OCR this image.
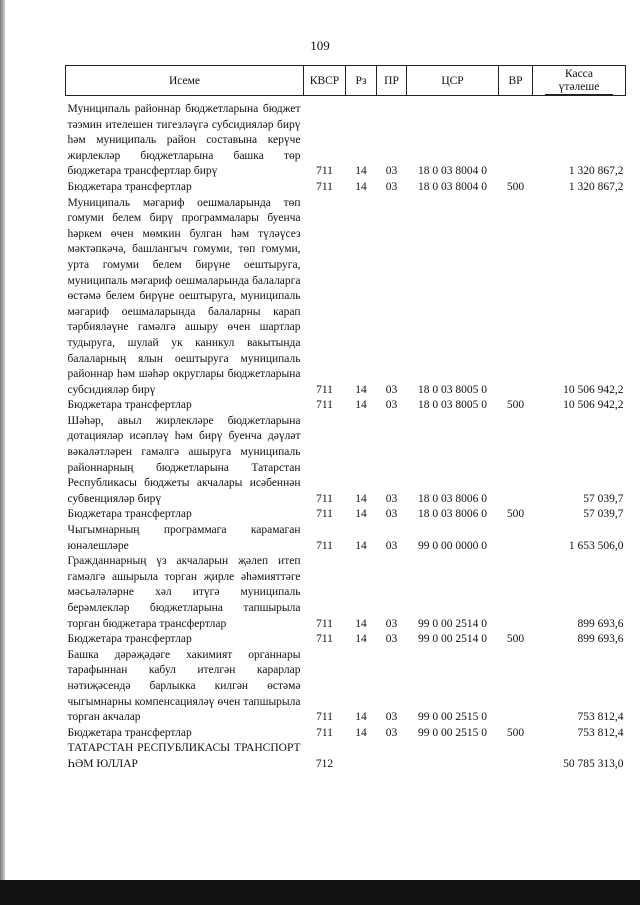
109
Исеме	КВСР	Рз	ПР	ЦСР	ВР	Касса
үтәлеше

Муниципаль районнар бюджетларына бюджет тәэмин ителешен тигезләүгә субсидияләр бирү һәм муниципаль район составына керүче жирлекләр бюджетларына башка төр бюджетара трансфертлар бирү	711	14	03	18 0 03 8004 0		1 320 867,2
Бюджетара трансфертлар	711	14	03	18 0 03 8004 0	500	1 320 867,2
Муниципаль мәгариф оешмаларында төп гомуми белем бирү программалары буенча һәркем өчен мөмкин булган һәм түләүсез мәктәпкәчә, башлангыч гомуми, төп гомуми, урта гомуми белем бирүне оештыруга, муниципаль мәгариф оешмаларында балаларга өстәмә белем бирүне оештыруга, муниципаль мәгариф оешмаларында балаларны карап тәрбияләүне гамәлгә ашыру өчен шартлар тудыруга, шулай ук каникул вакытында балаларның ялын оештыруга муниципаль районнар һәм шәһәр округлары бюджетларына субсидияләр бирү	711	14	03	18 0 03 8005 0		10 506 942,2
Бюджетара трансфертлар	711	14	03	18 0 03 8005 0	500	10 506 942,2
Шәһәр, авыл жирлекләре бюджетларына дотацияләр исәпләү һәм бирү буенча дәүләт вәкаләтләрен гамәлгә ашыруга муниципаль районнарның бюджетларына Татарстан Республикасы бюджеты акчалары исәбеннән субвенцияләр бирү	711	14	03	18 0 03 8006 0		57 039,7
Бюджетара трансфертлар	711	14	03	18 0 03 8006 0	500	57 039,7
Чыгымнарның программага карамаган юнәлешләре	711	14	03	99 0 00 0000 0		1 653 506,0
Гражданнарның үз акчаларын җәлеп итеп гамәлгә ашырыла торган җирле әһәмияттәге мәсьәләләрне хәл итүгә муниципаль берәмлекләр бюджетларына тапшырыла торган бюджетара трансфертлар	711	14	03	99 0 00 2514 0		899 693,6
Бюджетара трансфертлар	711	14	03	99 0 00 2514 0	500	899 693,6
Башка дәрәҗәдәге хакимият органнары тарафыннан кабул ителгән карарлар нәтиҗәсендә барлыкка килгән өстәмә чыгымнарны компенсацияләү өчен тапшырыла торган акчалар	711	14	03	99 0 00 2515 0		753 812,4
Бюджетара трансфертлар	711	14	03	99 0 00 2515 0	500	753 812,4
ТАТАРСТАН РЕСПУБЛИКАСЫ ТРАНСПОРТ ҺӘМ ЮЛЛАР	712					50 785 313,0
